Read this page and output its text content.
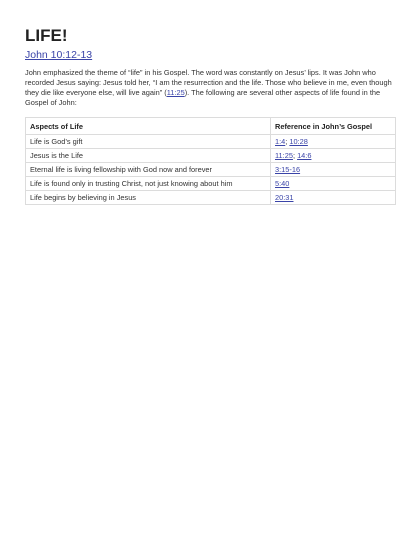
LIFE!
John 10:12-13

John emphasized the theme of “life” in his Gospel. The word was constantly on Jesus’ lips. It was John who recorded Jesus saying: Jesus told her, “I am the resurrection and the life. Those who believe in me, even though they die like everyone else, will live again” (11:25). The following are several other aspects of life found in the Gospel of John:

Aspects of Life	Reference in John’s Gospel
Life is God’s gift	1:4; 10:28
Jesus is the Life	11:25; 14:6
Eternal life is living fellowship with God now and forever	3:15-16
Life is found only in trusting Christ, not just knowing about him	5:40
Life begins by believing in Jesus	20:31
